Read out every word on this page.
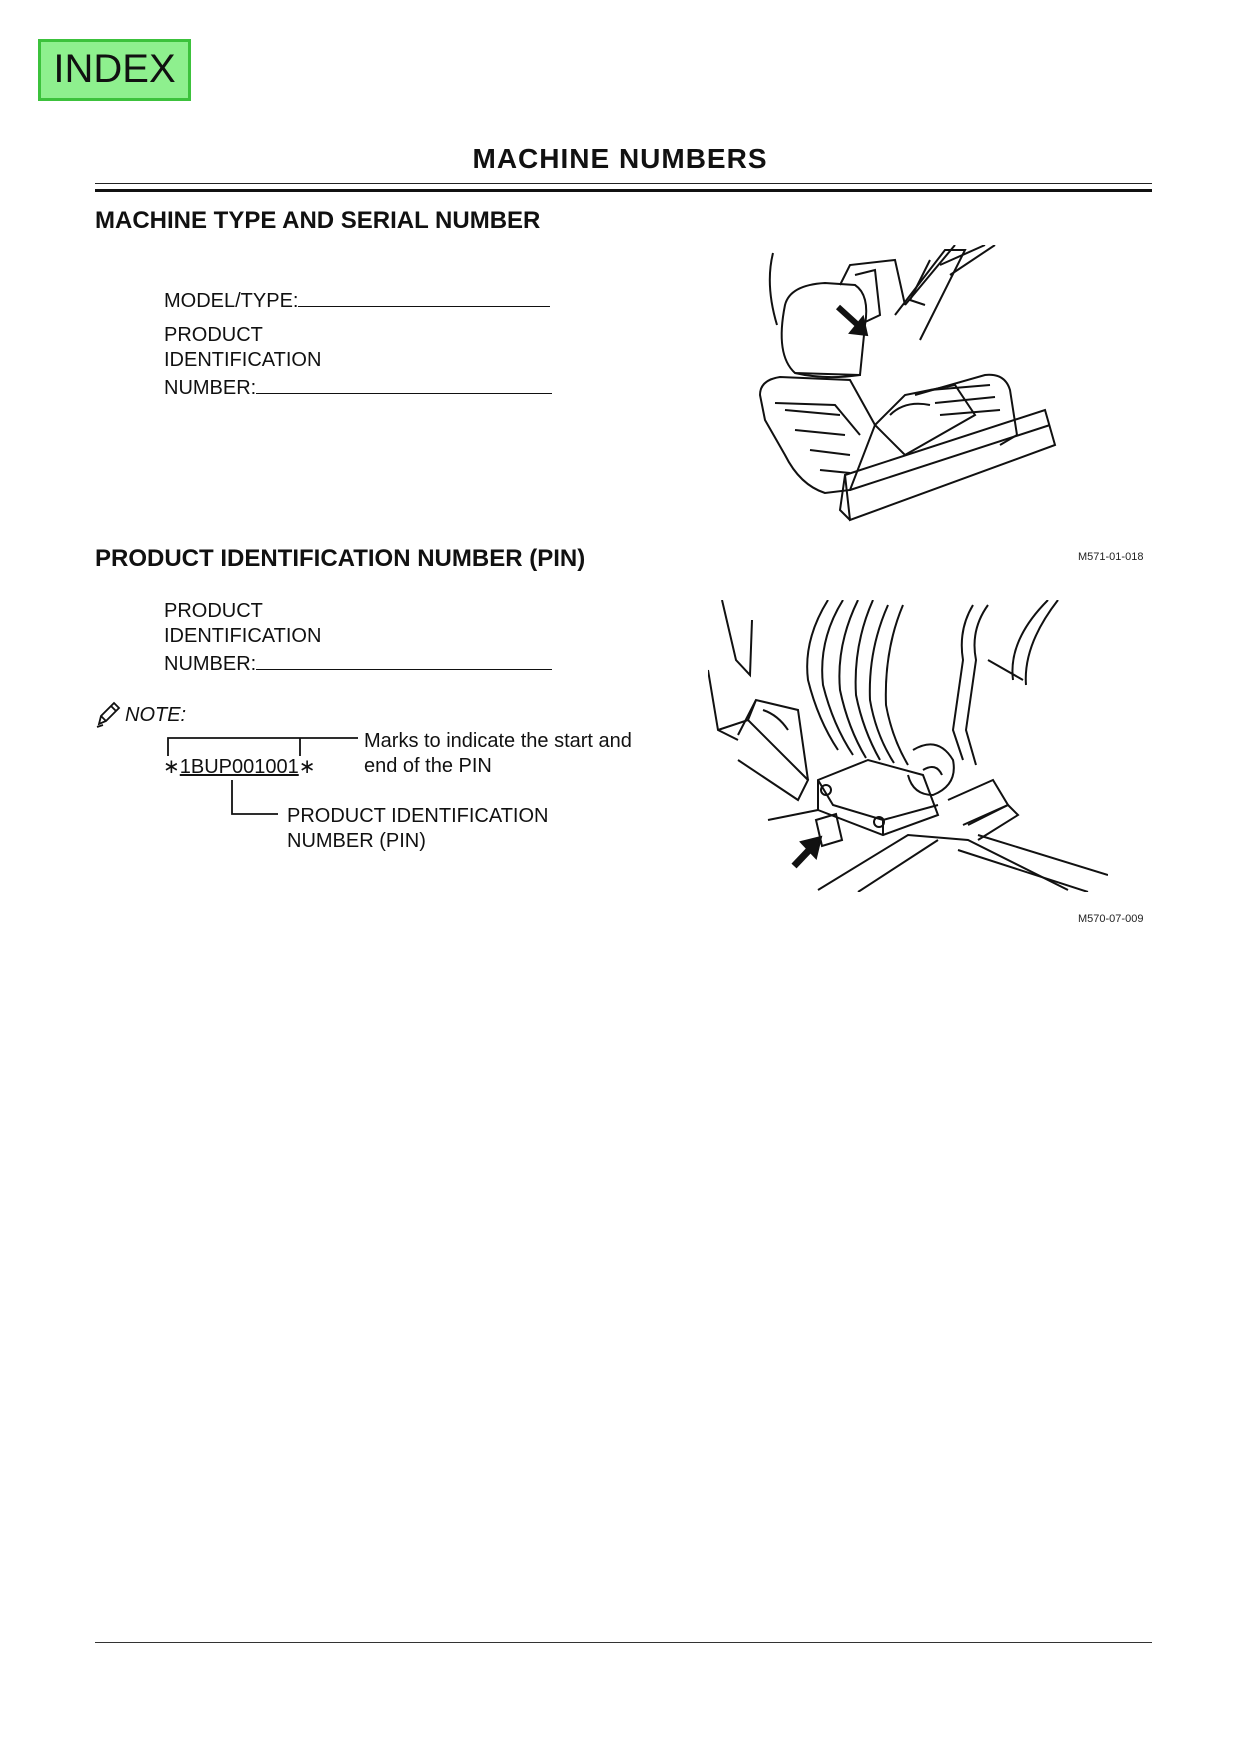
INDEX
MACHINE NUMBERS
MACHINE TYPE AND SERIAL NUMBER
MODEL/TYPE:
PRODUCT
IDENTIFICATION
NUMBER:
M571-01-018
PRODUCT IDENTIFICATION NUMBER (PIN)
PRODUCT
IDENTIFICATION
NUMBER:
NOTE:
∗1BUP001001∗
Marks to indicate the start and
end of the PIN
PRODUCT IDENTIFICATION
NUMBER (PIN)
M570-07-009
